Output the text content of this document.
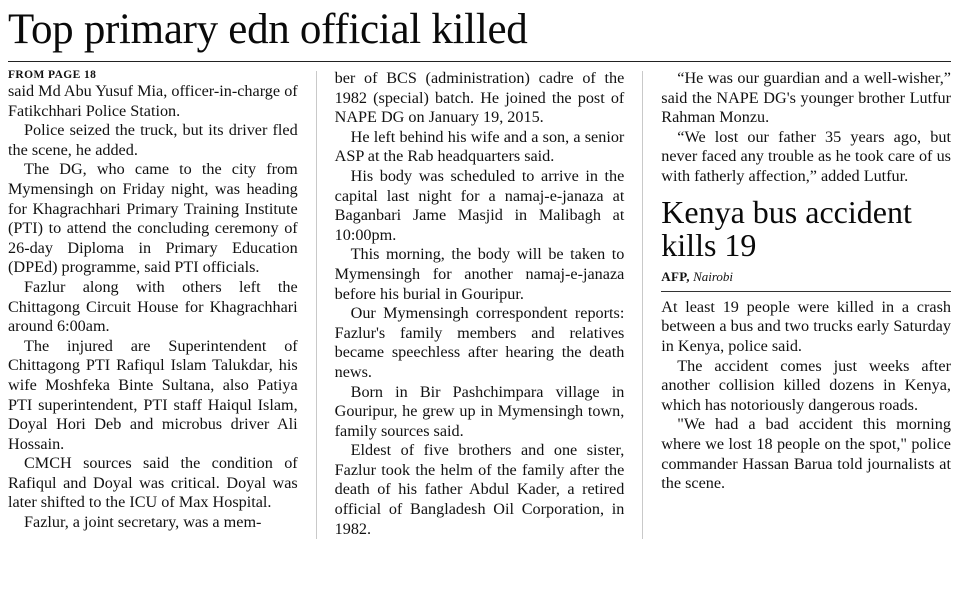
Top primary edn official killed
FROM PAGE 18

said Md Abu Yusuf Mia, officer-in-charge of Fatikchhari Police Station.

Police seized the truck, but its driver fled the scene, he added.

The DG, who came to the city from Mymensingh on Friday night, was heading for Khagrachhari Primary Training Institute (PTI) to attend the concluding ceremony of 26-day Diploma in Primary Education (DPEd) programme, said PTI officials.

Fazlur along with others left the Chittagong Circuit House for Khagrachhari around 6:00am.

The injured are Superintendent of Chittagong PTI Rafiqul Islam Talukdar, his wife Moshfeka Binte Sultana, also Patiya PTI superintendent, PTI staff Haiqul Islam, Doyal Hori Deb and microbus driver Ali Hossain.

CMCH sources said the condition of Rafiqul and Doyal was critical. Doyal was later shifted to the ICU of Max Hospital.

Fazlur, a joint secretary, was a mem-

ber of BCS (administration) cadre of the 1982 (special) batch. He joined the post of NAPE DG on January 19, 2015.

He left behind his wife and a son, a senior ASP at the Rab headquarters said.

His body was scheduled to arrive in the capital last night for a namaj-e-janaza at Baganbari Jame Masjid in Malibagh at 10:00pm.

This morning, the body will be taken to Mymensingh for another namaj-e-janaza before his burial in Gouripur.

Our Mymensingh correspondent reports: Fazlur's family members and relatives became speechless after hearing the death news.

Born in Bir Pashchimpara village in Gouripur, he grew up in Mymensingh town, family sources said.

Eldest of five brothers and one sister, Fazlur took the helm of the family after the death of his father Abdul Kader, a retired official of Bangladesh Oil Corporation, in 1982.

“He was our guardian and a well-wisher,” said the NAPE DG's younger brother Lutfur Rahman Monzu.

“We lost our father 35 years ago, but never faced any trouble as he took care of us with fatherly affection,” added Lutfur.

Kenya bus accident kills 19
AFP, Nairobi

At least 19 people were killed in a crash between a bus and two trucks early Saturday in Kenya, police said.

The accident comes just weeks after another collision killed dozens in Kenya, which has notoriously dangerous roads.

"We had a bad accident this morning where we lost 18 people on the spot," police commander Hassan Barua told journalists at the scene.
